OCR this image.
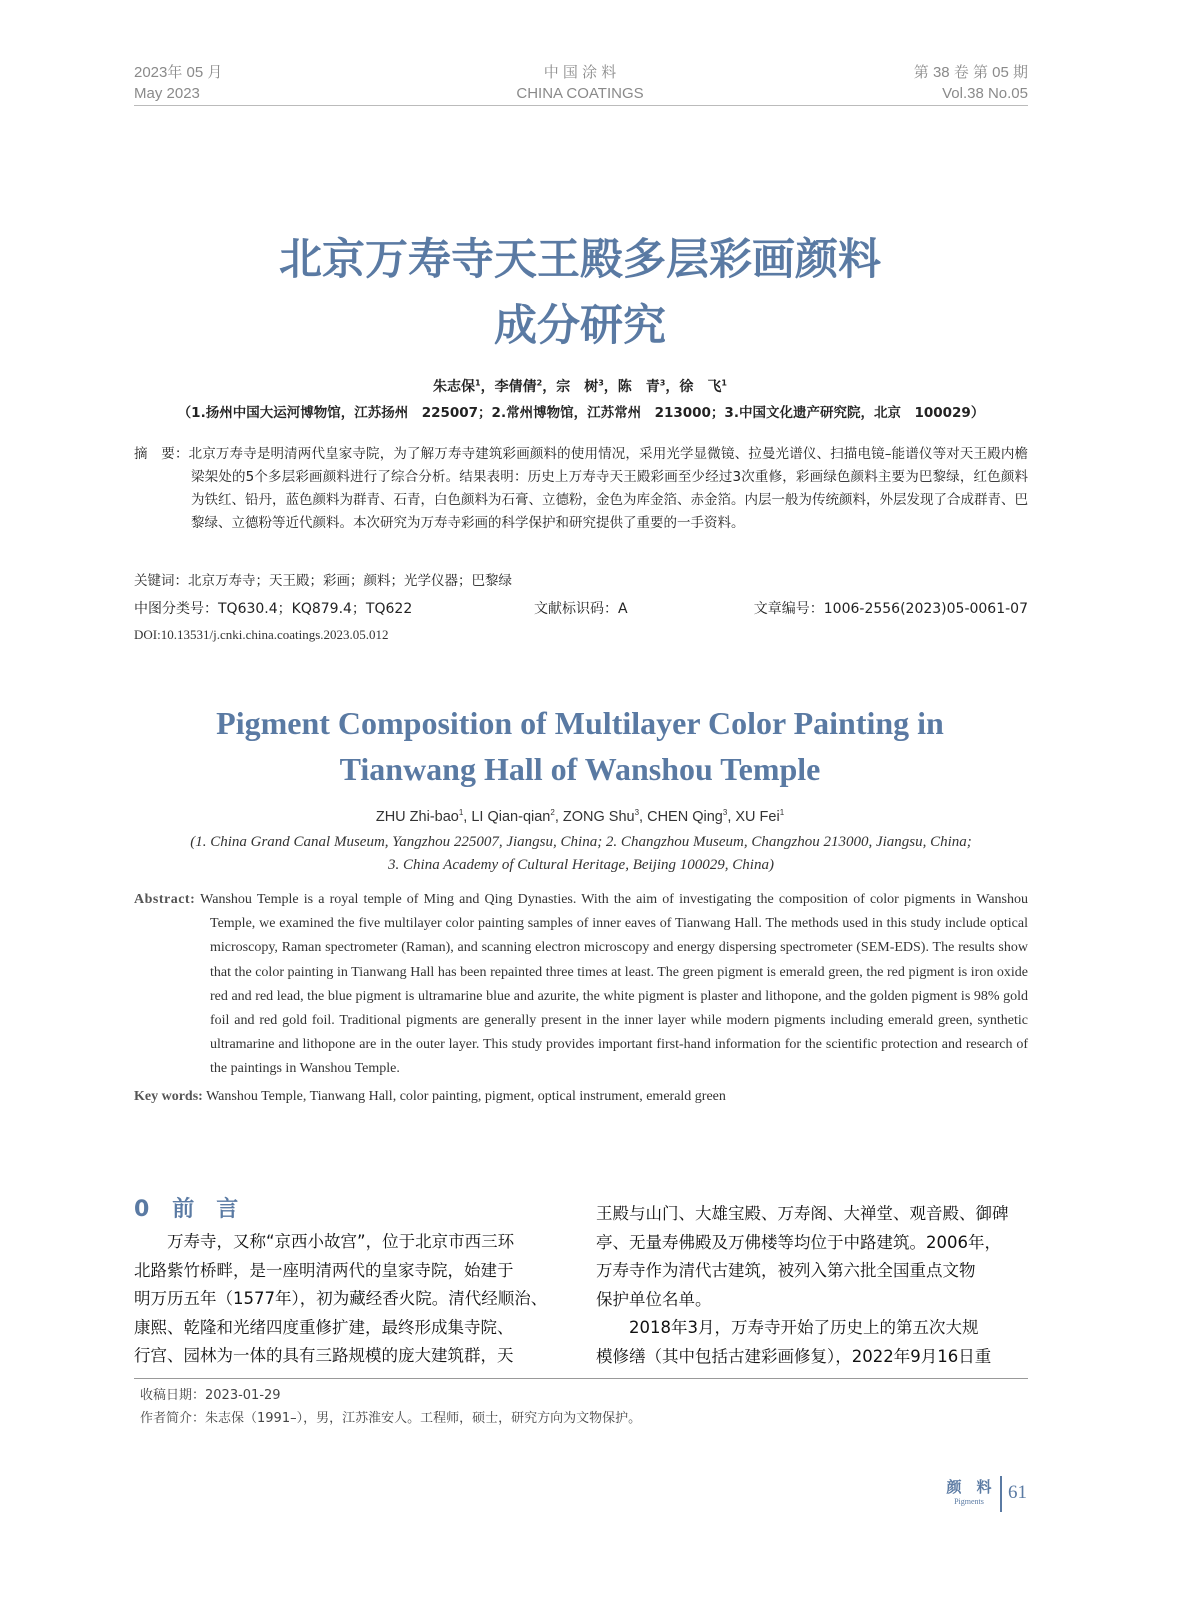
2023年 05 月
May 2023
中 国 涂 料
CHINA COATINGS
第 38 卷 第 05 期
Vol.38 No.05
北京万寿寺天王殿多层彩画颜料
成分研究
朱志保$^1$，李倩倩$^2$，宗　树$^3$，陈　青$^3$，徐　飞$^1$
（1.扬州中国大运河博物馆，江苏扬州　225007；2.常州博物馆，江苏常州　213000；3.中国文化遗产研究院，北京　100029）
摘　要：北京万寿寺是明清两代皇家寺院，为了解万寿寺建筑彩画颜料的使用情况，采用光学显微镜、拉曼光谱仪、扫描电镜–能谱仪等对天王殿内檐梁架处的5个多层彩画颜料进行了综合分析。结果表明：历史上万寿寺天王殿彩画至少经过3次重修，彩画绿色颜料主要为巴黎绿，红色颜料为铁红、铅丹，蓝色颜料为群青、石青，白色颜料为石膏、立德粉，金色为库金箔、赤金箔。内层一般为传统颜料，外层发现了合成群青、巴黎绿、立德粉等近代颜料。本次研究为万寿寺彩画的科学保护和研究提供了重要的一手资料。
关键词：北京万寿寺；天王殿；彩画；颜料；光学仪器；巴黎绿
中图分类号：TQ630.4；KQ879.4；TQ622	文献标识码：A	文章编号：1006-2556(2023)05-0061-07
DOI:10.13531/j.cnki.china.coatings.2023.05.012
Pigment Composition of Multilayer Color Painting in
Tianwang Hall of Wanshou Temple
ZHU Zhi-bao$^1$, LI Qian-qian$^2$, ZONG Shu$^3$, CHEN Qing$^3$, XU Fei$^1$
(1. China Grand Canal Museum, Yangzhou 225007, Jiangsu, China; 2. Changzhou Museum, Changzhou 213000, Jiangsu, China;
3. China Academy of Cultural Heritage, Beijing 100029, China)
Abstract: Wanshou Temple is a royal temple of Ming and Qing Dynasties. With the aim of investigating the composition of color pigments in Wanshou Temple, we examined the five multilayer color painting samples of inner eaves of Tianwang Hall. The methods used in this study include optical microscopy, Raman spectrometer (Raman), and scanning electron microscopy and energy dispersing spectrometer (SEM-EDS). The results show that the color painting in Tianwang Hall has been repainted three times at least. The green pigment is emerald green, the red pigment is iron oxide red and red lead, the blue pigment is ultramarine blue and azurite, the white pigment is plaster and lithopone, and the golden pigment is 98% gold foil and red gold foil. Traditional pigments are generally present in the inner layer while modern pigments including emerald green, synthetic ultramarine and lithopone are in the outer layer. This study provides important first-hand information for the scientific protection and research of the paintings in Wanshou Temple.
Key words: Wanshou Temple, Tianwang Hall, color painting, pigment, optical instrument, emerald green
0 前　言
　　万寿寺，又称“京西小故宫”，位于北京市西三环
北路紫竹桥畔，是一座明清两代的皇家寺院，始建于
明万历五年（1577年），初为藏经香火院。清代经顺治、
康熙、乾隆和光绪四度重修扩建，最终形成集寺院、
行宫、园林为一体的具有三路规模的庞大建筑群，天
王殿与山门、大雄宝殿、万寿阁、大禅堂、观音殿、御碑
亭、无量寿佛殿及万佛楼等均位于中路建筑。2006年，
万寿寺作为清代古建筑，被列入第六批全国重点文物
保护单位名单。
　　2018年3月，万寿寺开始了历史上的第五次大规
模修缮（其中包括古建彩画修复），2022年9月16日重
收稿日期：2023-01-29
作者简介：朱志保（1991–），男，江苏淮安人。工程师，硕士，研究方向为文物保护。
颜　料
Pigments	61
